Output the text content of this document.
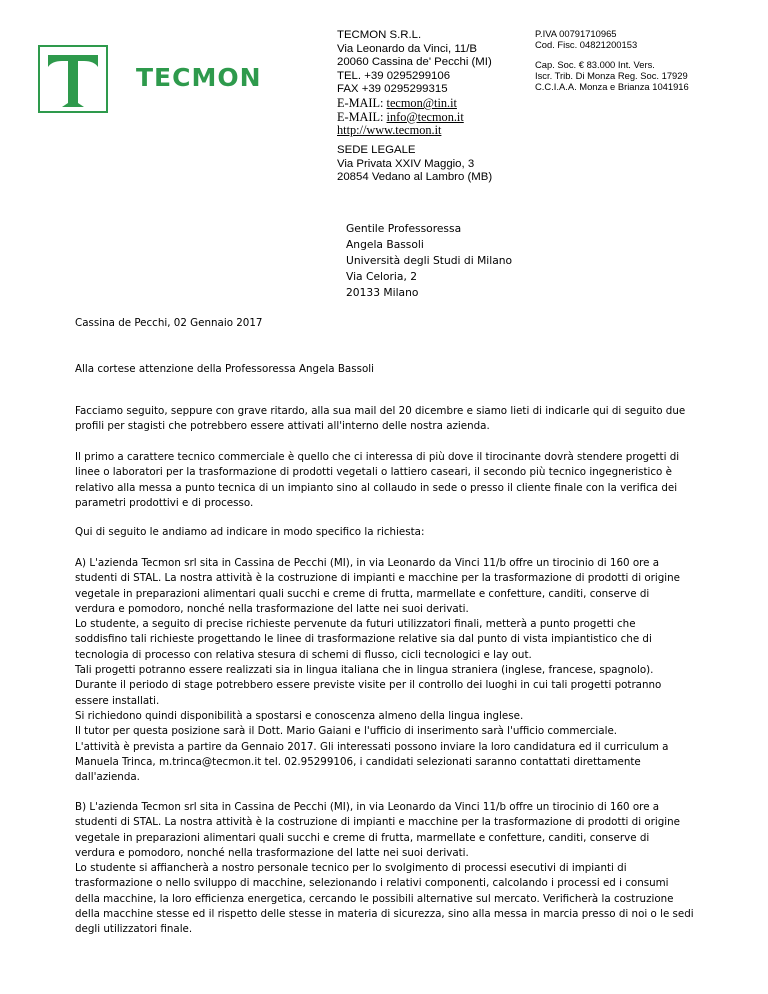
TECMON
TECMON S.R.L.
Via Leonardo da Vinci, 11/B
20060 Cassina de' Pecchi (MI)
TEL. +39 0295299106
FAX +39 0295299315
E-MAIL: tecmon@tin.it
E-MAIL: info@tecmon.it
http://www.tecmon.it
P.IVA 00791710965
Cod. Fisc. 04821200153
Cap. Soc. € 83.000 Int. Vers.
Iscr. Trib. Di Monza Reg. Soc. 17929
C.C.I.A.A. Monza e Brianza 1041916
SEDE LEGALE
Via Privata XXIV Maggio, 3
20854 Vedano al Lambro (MB)
Gentile Professoressa
Angela Bassoli
Università degli Studi di Milano
Via Celoria, 2
20133 Milano
Cassina de Pecchi, 02 Gennaio 2017
Alla cortese attenzione della Professoressa Angela Bassoli
Facciamo seguito, seppure con grave ritardo, alla sua mail del 20 dicembre e siamo lieti di indicarle qui di seguito due
profili per stagisti che potrebbero essere attivati all'interno delle nostra azienda.
Il primo a carattere tecnico commerciale è quello che ci interessa di più dove il tirocinante dovrà stendere progetti di
linee o laboratori per la trasformazione di prodotti vegetali o lattiero caseari, il secondo più tecnico ingegneristico è
relativo alla messa a punto tecnica di un impianto sino al collaudo in sede o presso il cliente finale con la verifica dei
parametri prodottivi e di processo.
Qui di seguito le andiamo ad indicare in modo specifico la richiesta:
A) L'azienda Tecmon srl sita in Cassina de Pecchi (MI), in via Leonardo da Vinci 11/b offre un tirocinio di 160 ore a
studenti di STAL. La nostra attività è la costruzione di impianti e macchine per la trasformazione di prodotti di origine
vegetale in preparazioni alimentari quali succhi e creme di frutta, marmellate e confetture, canditi, conserve di
verdura e pomodoro, nonché nella trasformazione del latte nei suoi derivati.
Lo studente, a seguito di precise richieste pervenute da futuri utilizzatori finali, metterà a punto progetti che
soddisfino tali richieste progettando le linee di trasformazione relative sia dal punto di vista impiantistico che di
tecnologia di processo con relativa stesura di schemi di flusso, cicli tecnologici e lay out.
Tali progetti potranno essere realizzati sia in lingua italiana che in lingua straniera (inglese, francese, spagnolo).
Durante il periodo di stage potrebbero essere previste visite per il controllo dei luoghi in cui tali progetti potranno
essere installati.
Si richiedono quindi disponibilità a spostarsi e conoscenza almeno della lingua inglese.
Il tutor per questa posizione sarà il Dott. Mario Gaiani e l'ufficio di inserimento sarà l'ufficio commerciale.
L'attività è prevista a partire da Gennaio 2017. Gli interessati possono inviare la loro candidatura ed il curriculum a
Manuela Trinca, m.trinca@tecmon.it tel. 02.95299106, i candidati selezionati saranno contattati direttamente
dall'azienda.
B) L'azienda Tecmon srl sita in Cassina de Pecchi (MI), in via Leonardo da Vinci 11/b offre un tirocinio di 160 ore a
studenti di STAL. La nostra attività è la costruzione di impianti e macchine per la trasformazione di prodotti di origine
vegetale in preparazioni alimentari quali succhi e creme di frutta, marmellate e confetture, canditi, conserve di
verdura e pomodoro, nonché nella trasformazione del latte nei suoi derivati.
Lo studente si affiancherà a nostro personale tecnico per lo svolgimento di processi esecutivi di impianti di
trasformazione o nello sviluppo di macchine, selezionando i relativi componenti, calcolando i processi ed i consumi
della macchine, la loro efficienza energetica, cercando le possibili alternative sul mercato. Verificherà la costruzione
della macchine stesse ed il rispetto delle stesse in materia di sicurezza, sino alla messa in marcia presso di noi o le sedi
degli utilizzatori finale.
